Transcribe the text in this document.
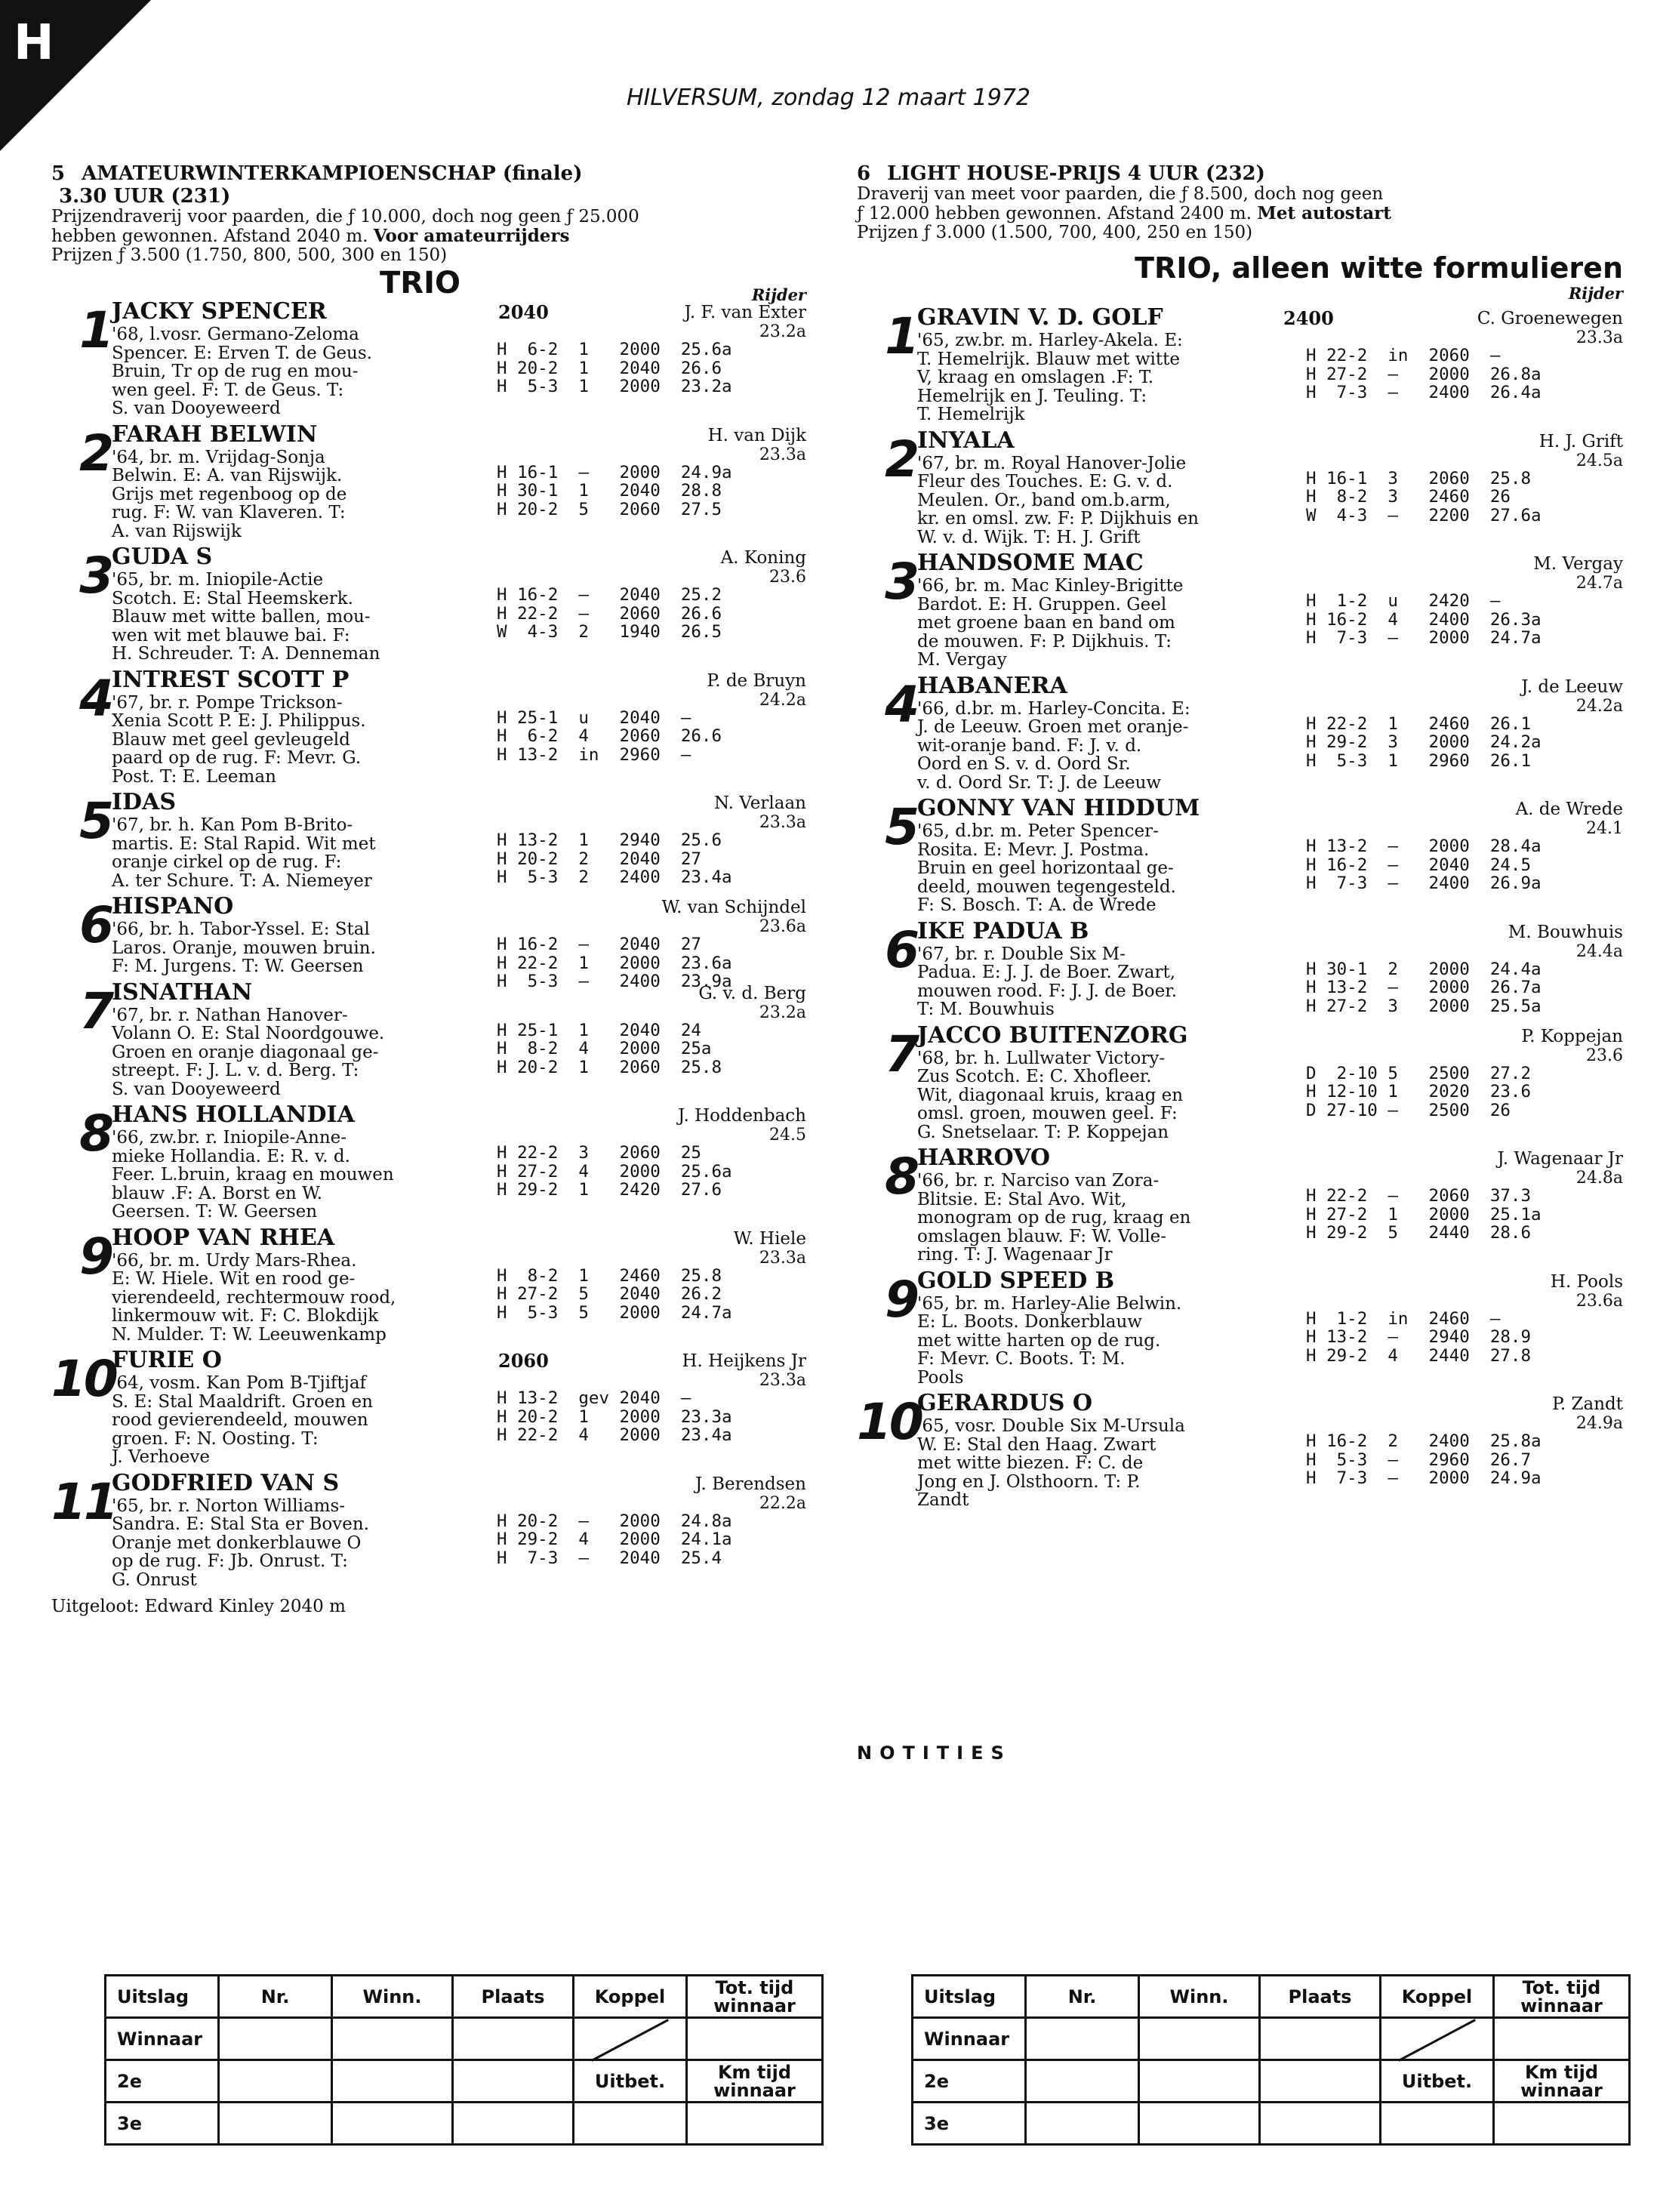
H
HILVERSUM, zondag 12 maart 1972
5 AMATEURWINTERKAMPIOENSCHAP (finale)
3.30 UUR (231)
Prijzendraverij voor paarden, die ƒ 10.000, doch nog geen ƒ 25.000
hebben gewonnen. Afstand 2040 m. Voor amateurrijders
Prijzen ƒ 3.500 (1.750, 800, 500, 300 en 150)
TRIO	Rijder
1 JACKY SPENCER	2040	J. F. van Exter
23.2a
'68, l.vosr. Germano-Zeloma
Spencer. E: Erven T. de Geus.
Bruin, Tr op de rug en mou-
wen geel. F: T. de Geus. T:
S. van Dooyeweerd
H  6-2  1   2000  25.6a
H 20-2  1   2040  26.6
H  5-3  1   2000  23.2a
2 FARAH BELWIN	H. van Dijk
23.3a
'64, br. m. Vrijdag-Sonja
Belwin. E: A. van Rijswijk.
Grijs met regenboog op de
rug. F: W. van Klaveren. T:
A. van Rijswijk
H 16-1  —   2000  24.9a
H 30-1  1   2040  28.8
H 20-2  5   2060  27.5
3 GUDA S	A. Koning
23.6
'65, br. m. Iniopile-Actie
Scotch. E: Stal Heemskerk.
Blauw met witte ballen, mou-
wen wit met blauwe bai. F:
H. Schreuder. T: A. Denneman
H 16-2  —   2040  25.2
H 22-2  —   2060  26.6
W  4-3  2   1940  26.5
4 INTREST SCOTT P	P. de Bruyn
24.2a
'67, br. r. Pompe Trickson-
Xenia Scott P. E: J. Philippus.
Blauw met geel gevleugeld
paard op de rug. F: Mevr. G.
Post. T: E. Leeman
H 25-1  u   2040  —
H  6-2  4   2060  26.6
H 13-2  in  2960  —
5 IDAS	N. Verlaan
23.3a
'67, br. h. Kan Pom B-Brito-
martis. E: Stal Rapid. Wit met
oranje cirkel op de rug. F:
A. ter Schure. T: A. Niemeyer
H 13-2  1   2940  25.6
H 20-2  2   2040  27
H  5-3  2   2400  23.4a
6 HISPANO	W. van Schijndel
23.6a
'66, br. h. Tabor-Yssel. E: Stal
Laros. Oranje, mouwen bruin.
F: M. Jurgens. T: W. Geersen
H 16-2  —   2040  27
H 22-2  1   2000  23.6a
H  5-3  —   2400  23.9a
7 ISNATHAN	G. v. d. Berg
23.2a
'67, br. r. Nathan Hanover-
Volann O. E: Stal Noordgouwe.
Groen en oranje diagonaal ge-
streept. F: J. L. v. d. Berg. T:
S. van Dooyeweerd
H 25-1  1   2040  24
H  8-2  4   2000  25a
H 20-2  1   2060  25.8
8 HANS HOLLANDIA	J. Hoddenbach
24.5
'66, zw.br. r. Iniopile-Anne-
mieke Hollandia. E: R. v. d.
Feer. L.bruin, kraag en mouwen
blauw .F: A. Borst en W.
Geersen. T: W. Geersen
H 22-2  3   2060  25
H 27-2  4   2000  25.6a
H 29-2  1   2420  27.6
9 HOOP VAN RHEA	W. Hiele
23.3a
'66, br. m. Urdy Mars-Rhea.
E: W. Hiele. Wit en rood ge-
vierendeeld, rechtermouw rood,
linkermouw wit. F: C. Blokdijk
N. Mulder. T: W. Leeuwenkamp
H  8-2  1   2460  25.8
H 27-2  5   2040  26.2
H  5-3  5   2000  24.7a
10
FURIE O	2060	H. Heijkens Jr
23.3a
'64, vosm. Kan Pom B-Tjiftjaf
S. E: Stal Maaldrift. Groen en
rood gevierendeeld, mouwen
groen. F: N. Oosting. T:
J. Verhoeve
H 13-2  gev 2040  —
H 20-2  1   2000  23.3a
H 22-2  4   2000  23.4a
11
GODFRIED VAN S	J. Berendsen
22.2a
'65, br. r. Norton Williams-
Sandra. E: Stal Sta er Boven.
Oranje met donkerblauwe O
op de rug. F: Jb. Onrust. T:
G. Onrust
H 20-2  —   2000  24.8a
H 29-2  4   2000  24.1a
H  7-3  —   2040  25.4
Uitgeloot: Edward Kinley 2040 m
6 LIGHT HOUSE-PRIJS 4 UUR (232)
Draverij van meet voor paarden, die ƒ 8.500, doch nog geen
ƒ 12.000 hebben gewonnen. Afstand 2400 m. Met autostart
Prijzen ƒ 3.000 (1.500, 700, 400, 250 en 150)
TRIO, alleen witte formulieren
Rijder
1 GRAVIN V. D. GOLF	2400	C. Groenewegen
23.3a
'65, zw.br. m. Harley-Akela. E:
T. Hemelrijk. Blauw met witte
V, kraag en omslagen .F: T.
Hemelrijk en J. Teuling. T:
T. Hemelrijk
H 22-2  in  2060  —
H 27-2  —   2000  26.8a
H  7-3  —   2400  26.4a
2 INYALA	H. J. Grift
24.5a
'67, br. m. Royal Hanover-Jolie
Fleur des Touches. E: G. v. d.
Meulen. Or., band om.b.arm,
kr. en omsl. zw. F: P. Dijkhuis en
W. v. d. Wijk. T: H. J. Grift
H 16-1  3   2060  25.8
H  8-2  3   2460  26
W  4-3  —   2200  27.6a
3 HANDSOME MAC	M. Vergay
24.7a
'66, br. m. Mac Kinley-Brigitte
Bardot. E: H. Gruppen. Geel
met groene baan en band om
de mouwen. F: P. Dijkhuis. T:
M. Vergay
H  1-2  u   2420  —
H 16-2  4   2400  26.3a
H  7-3  —   2000  24.7a
4 HABANERA	J. de Leeuw
24.2a
'66, d.br. m. Harley-Concita. E:
J. de Leeuw. Groen met oranje-
wit-oranje band. F: J. v. d.
Oord en S. v. d. Oord Sr.
v. d. Oord Sr. T: J. de Leeuw
H 22-2  1   2460  26.1
H 29-2  3   2000  24.2a
H  5-3  1   2960  26.1
5 GONNY VAN HIDDUM	A. de Wrede
24.1
'65, d.br. m. Peter Spencer-
Rosita. E: Mevr. J. Postma.
Bruin en geel horizontaal ge-
deeld, mouwen tegengesteld.
F: S. Bosch. T: A. de Wrede
H 13-2  —   2000  28.4a
H 16-2  —   2040  24.5
H  7-3  —   2400  26.9a
6 IKE PADUA B	M. Bouwhuis
24.4a
'67, br. r. Double Six M-
Padua. E: J. J. de Boer. Zwart,
mouwen rood. F: J. J. de Boer.
T: M. Bouwhuis
H 30-1  2   2000  24.4a
H 13-2  —   2000  26.7a
H 27-2  3   2000  25.5a
7 JACCO BUITENZORG	P. Koppejan
23.6
'68, br. h. Lullwater Victory-
Zus Scotch. E: C. Xhofleer.
Wit, diagonaal kruis, kraag en
omsl. groen, mouwen geel. F:
G. Snetselaar. T: P. Koppejan
D  2-10 5   2500  27.2
H 12-10 1   2020  23.6
D 27-10 —   2500  26
8 HARROVO	J. Wagenaar Jr
24.8a
'66, br. r. Narciso van Zora-
Blitsie. E: Stal Avo. Wit,
monogram op de rug, kraag en
omslagen blauw. F: W. Volle-
ring. T: J. Wagenaar Jr
H 22-2  —   2060  37.3
H 27-2  1   2000  25.1a
H 29-2  5   2440  28.6
9 GOLD SPEED B	H. Pools
23.6a
'65, br. m. Harley-Alie Belwin.
E: L. Boots. Donkerblauw
met witte harten op de rug.
F: Mevr. C. Boots. T: M.
Pools
H  1-2  in  2460  —
H 13-2  —   2940  28.9
H 29-2  4   2440  27.8
10
GERARDUS O	P. Zandt
24.9a
'65, vosr. Double Six M-Ursula
W. E: Stal den Haag. Zwart
met witte biezen. F: C. de
Jong en J. Olsthoorn. T: P.
Zandt
H 16-2  2   2400  25.8a
H  5-3  —   2960  26.7
H  7-3  —   2000  24.9a
NOTITIES
Uitslag	Nr.	Winn.	Plaats	Koppel	Tot. tijd winnaar
Winnaar					
2e				Uitbet.	Km tijd winnaar
3e					
Uitslag	Nr.	Winn.	Plaats	Koppel	Tot. tijd winnaar
Winnaar					
2e				Uitbet.	Km tijd winnaar
3e					
